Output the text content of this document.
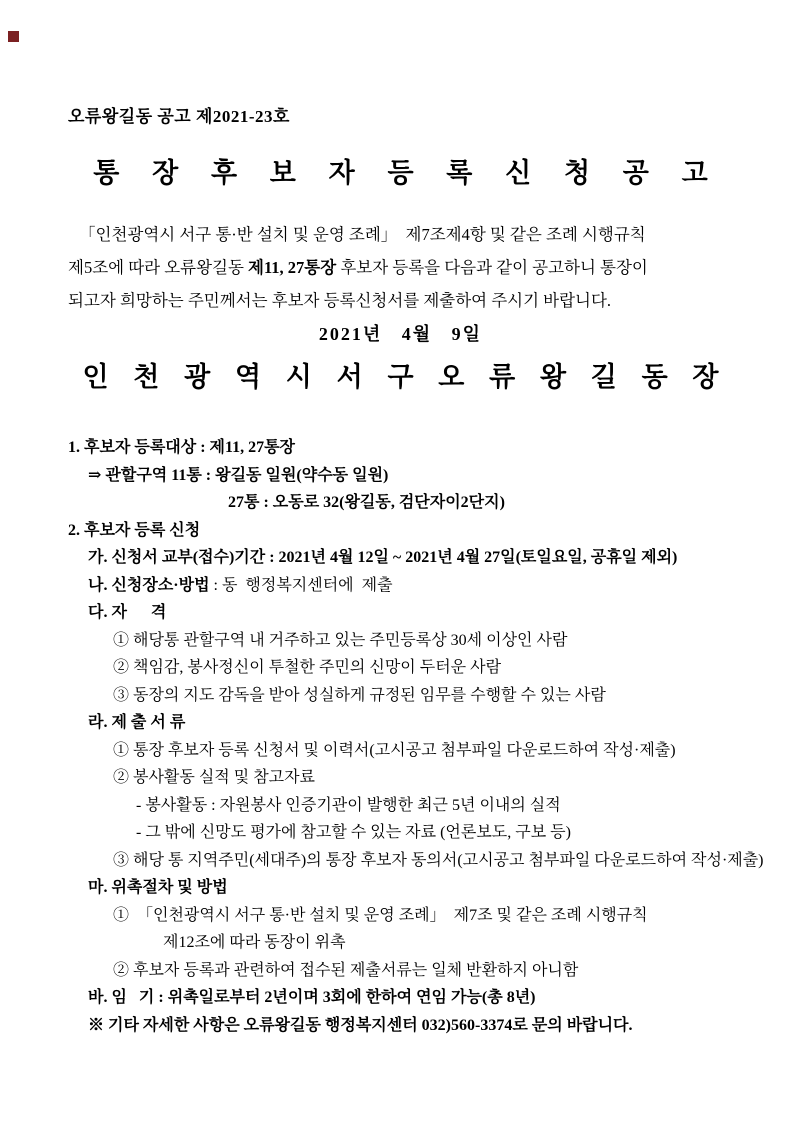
오류왕길동 공고 제2021-23호
통 장 후 보 자 등 록 신 청 공 고
「인천광역시 서구 통·반 설치 및 운영 조례」  제7조제4항 및 같은 조례 시행규칙
제5조에 따라 오류왕길동 제11, 27통장 후보자 등록을 다음과 같이 공고하니 통장이
되고자 희망하는 주민께서는 후보자 등록신청서를 제출하여 주시기 바랍니다.
2021년   4월   9일
인 천 광 역 시 서 구 오 류 왕 길 동 장
1. 후보자 등록대상 : 제11, 27통장
⇒ 관할구역 11통 : 왕길동 일원(약수동 일원)
27통 : 오동로 32(왕길동, 검단자이2단지)
2. 후보자 등록 신청
가. 신청서 교부(접수)기간 : 2021년 4월 12일 ~ 2021년 4월 27일(토일요일, 공휴일 제외)
나. 신청장소·방법 : 동  행정복지센터에  제출
다. 자      격
① 해당통 관할구역 내 거주하고 있는 주민등록상 30세 이상인 사람
② 책임감, 봉사정신이 투철한 주민의 신망이 두터운 사람
③ 동장의 지도 감독을 받아 성실하게 규정된 임무를 수행할 수 있는 사람
라. 제 출 서 류
① 통장 후보자 등록 신청서 및 이력서(고시공고 첨부파일 다운로드하여 작성·제출)
② 봉사활동 실적 및 참고자료
- 봉사활동 : 자원봉사 인증기관이 발행한 최근 5년 이내의 실적
- 그 밖에 신망도 평가에 참고할 수 있는 자료 (언론보도, 구보 등)
③ 해당 통 지역주민(세대주)의 통장 후보자 동의서(고시공고 첨부파일 다운로드하여 작성·제출)
마. 위촉절차 및 방법
①  「인천광역시 서구 통·반 설치 및 운영 조례」  제7조 및 같은 조례 시행규칙
제12조에 따라 동장이 위촉
② 후보자 등록과 관련하여 접수된 제출서류는 일체 반환하지 아니함
바. 임   기 : 위촉일로부터 2년이며 3회에 한하여 연임 가능(총 8년)
※ 기타 자세한 사항은 오류왕길동 행정복지센터 032)560-3374로 문의 바랍니다.
